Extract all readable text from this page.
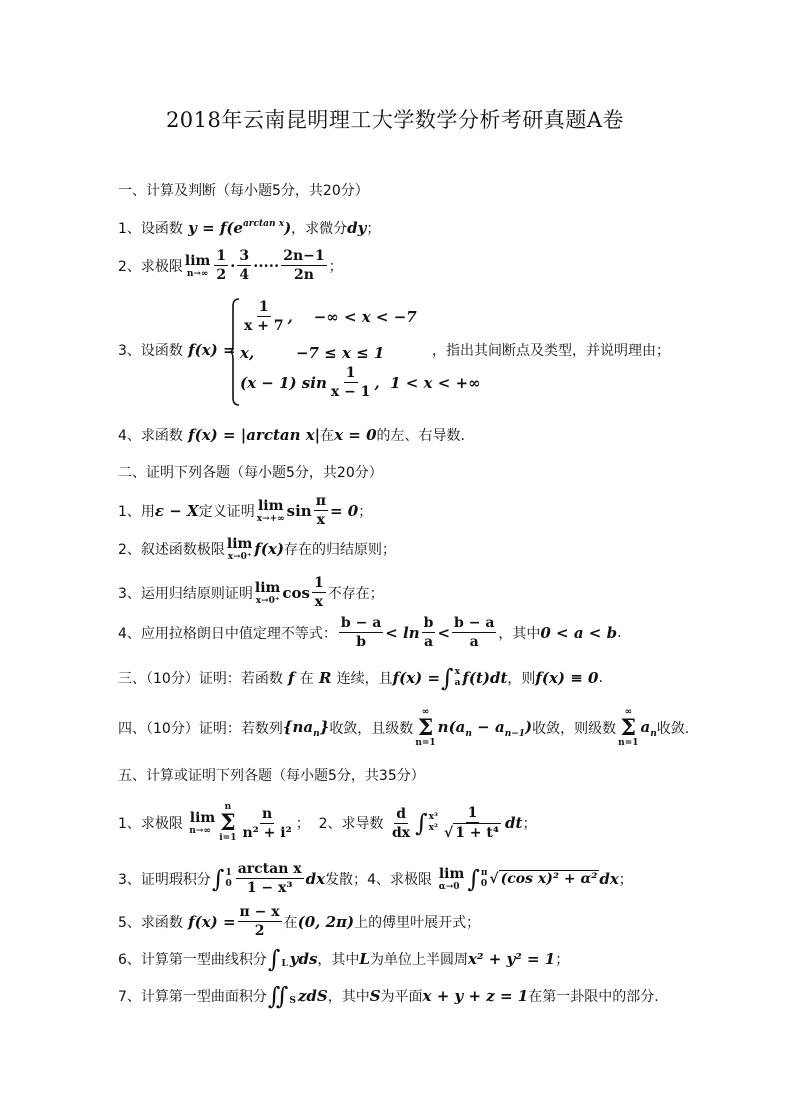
2018年云南昆明理工大学数学分析考研真题A卷
一、计算及判断（每小题5分，共20分）
1、设函数 $y = f(e^{arctan x})$ ，求微分 dy ；
2、求极限 lim
$n\to\infty \frac{1}{2} \cdot \frac{3}{4}$ ····· $\frac{2n-1}{2n}$ ；
3、设函数 f(x) =
$\frac{1}{x + 7}$ ,    −∞ < x < −7
x,        −7 ≤ x ≤ 1
(x − 1) $\sin \frac{1}{x - 1}$ ,  1 < x < +∞
，指出其间断点及类型，并说明理由；
4、求函数 f(x) = |arctan x| 在 x = 0 的左、右导数.
二、证明下列各题（每小题5分，共20分）
1、用 ε − X 定义证明 lim
x→+∞ $\sin \frac{\pi}{x} = 0$ ；
2、叙述函数极限 lim
x→0⁺ f(x) 存在的归结原则；
3、运用归结原则证明 lim
x→0⁺ $\cos \frac{1}{x}$ 不存在；
4、应用拉格朗日中值定理不等式： $\frac{b - a}{b} < \ln \frac{b}{a} < \frac{b - a}{a}$ ，其中 0 < a < b .
三、（10分）证明：若函数 f 在 R 连续，且 f(x) = ∫ x
a f(t)dt ，则 f(x) ≡ 0 .
四、（10分）证明：若数列 $\{na_n\}$ 收敛，且级数
∞
Σ
n=1
$n(a_n - a_{n-1})$ 收敛，则级数
∞
Σ
n=1
$a_n$ 收敛.
五、计算或证明下列各题（每小题5分，共35分）
1、求极限 lim
n→∞
n
Σ
$i=1 \frac{n}{\text{n² + i²}}$ ；
2、求导数
$\frac{d}{dx}$ ∫ x³
$x^2 \frac{1}{\text{√ 1 + t⁴}}$ dt ；
3、证明瑕积分 ∫ 1
$0 \frac{\text{arctan x}}{\text{1 − x³}}$ dx 发散； 4、求极限 lim
α→0 ∫ π
0 √ (cos x)² + α² dx ；
5、求函数 $f(x) = \frac{\pi - x}{2}$ 在 (0, 2π) 上的傅里叶展开式；
6、计算第一型曲线积分 ∫
L yds ，其中 L 为单位上半圆周 x² + y² = 1 ；
7、计算第一型曲面积分 ∬
S zdS ，其中 S 为平面 x + y + z = 1 在第一卦限中的部分.
